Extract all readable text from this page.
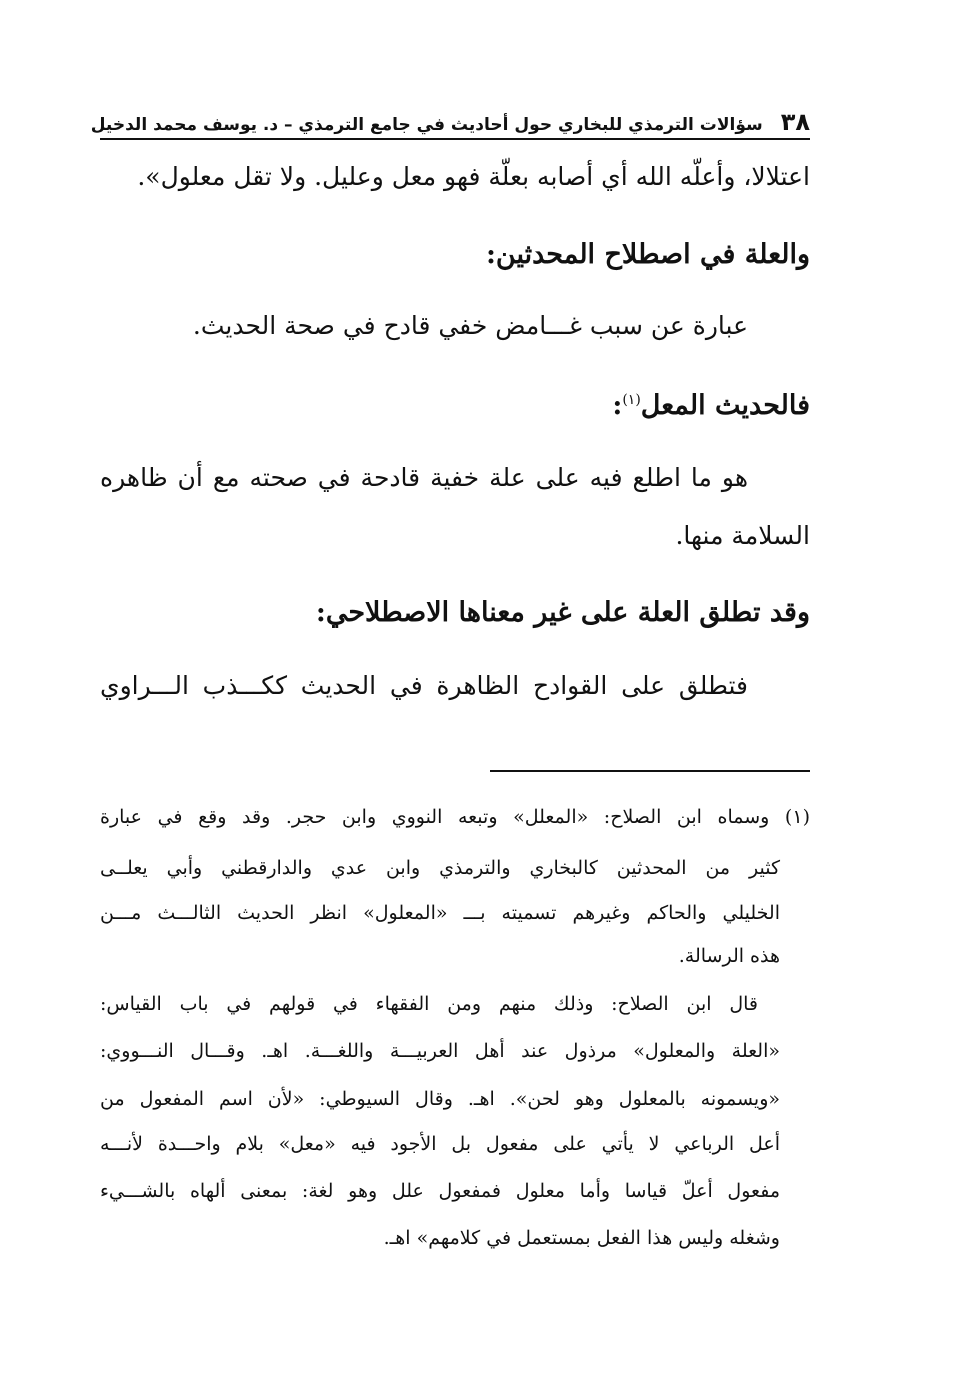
٣٨
سؤالات الترمذي للبخاري حول أحاديث في جامع الترمذي – د. يوسف محمد الدخيل
اعتلالا، وأعلّه الله أي أصابه بعلّة فهو معل وعليل. ولا تقل معلول».
والعلة في اصطلاح المحدثين:
عبارة عن سبب غـــامض خفي قادح في صحة الحديث.
فالحديث المعل$^{(١)}$:
هو ما اطلع فيه على علة خفية قادحة في صحته مع أن ظاهره
السلامة منها.
وقد تطلق العلة على غير معناها الاصطلاحي:
فتطلق على القوادح الظاهرة في الحديث ككـــذب الـــراوي
(١) وسماه ابن الصلاح: «المعلل» وتبعه النووي وابن حجر. وقد وقع في عبارة
كثير من المحدثين كالبخاري والترمذي وابن عدي والدارقطني وأبي يعلــى
الخليلي والحاكم وغيرهم تسميته بـــ «المعلول» انظر الحديث الثالـــث مـــن
هذه الرسالة.
قال ابن الصلاح: وذلك منهم ومن الفقهاء في قولهم في باب القياس:
«العلة والمعلول» مرذول عند أهل العربيـــة واللغـــة. اهـ. وقـــال النـــووي:
«ويسمونه بالمعلول وهو لحن». اهـ. وقال السيوطي: «لأن اسم المفعول من
أعل الرباعي لا يأتي على مفعول بل الأجود فيه «معل» بلام واحـــدة لأنـــه
مفعول أعلّ قياسا وأما معلول فمفعول علل وهو لغة: بمعنى ألهاه بالشـــيء
وشغله وليس هذا الفعل بمستعمل في كلامهم» اهـ.
